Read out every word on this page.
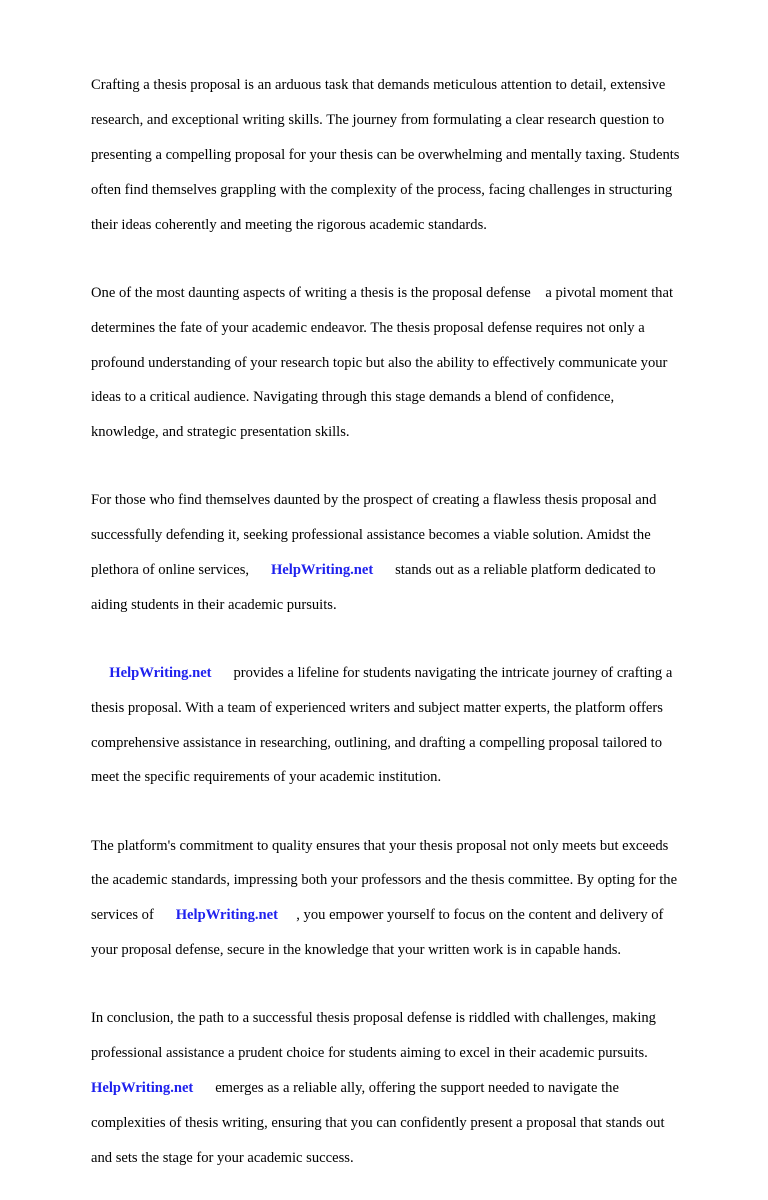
Crafting a thesis proposal is an arduous task that demands meticulous attention to detail, extensive

research, and exceptional writing skills. The journey from formulating a clear research question to

presenting a compelling proposal for your thesis can be overwhelming and mentally taxing. Students

often find themselves grappling with the complexity of the process, facing challenges in structuring

their ideas coherently and meeting the rigorous academic standards.

One of the most daunting aspects of writing a thesis is the proposal defense    a pivotal moment that

determines the fate of your academic endeavor. The thesis proposal defense requires not only a

profound understanding of your research topic but also the ability to effectively communicate your

ideas to a critical audience. Navigating through this stage demands a blend of confidence,

knowledge, and strategic presentation skills.

For those who find themselves daunted by the prospect of creating a flawless thesis proposal and

successfully defending it, seeking professional assistance becomes a viable solution. Amidst the

plethora of online services,      HelpWriting.net      stands out as a reliable platform dedicated to

aiding students in their academic pursuits.

HelpWriting.net      provides a lifeline for students navigating the intricate journey of crafting a

thesis proposal. With a team of experienced writers and subject matter experts, the platform offers

comprehensive assistance in researching, outlining, and drafting a compelling proposal tailored to

meet the specific requirements of your academic institution.

The platform's commitment to quality ensures that your thesis proposal not only meets but exceeds

the academic standards, impressing both your professors and the thesis committee. By opting for the

services of      HelpWriting.net     , you empower yourself to focus on the content and delivery of

your proposal defense, secure in the knowledge that your written work is in capable hands.

In conclusion, the path to a successful thesis proposal defense is riddled with challenges, making

professional assistance a prudent choice for students aiming to excel in their academic pursuits.

HelpWriting.net      emerges as a reliable ally, offering the support needed to navigate the

complexities of thesis writing, ensuring that you can confidently present a proposal that stands out

and sets the stage for your academic success.
